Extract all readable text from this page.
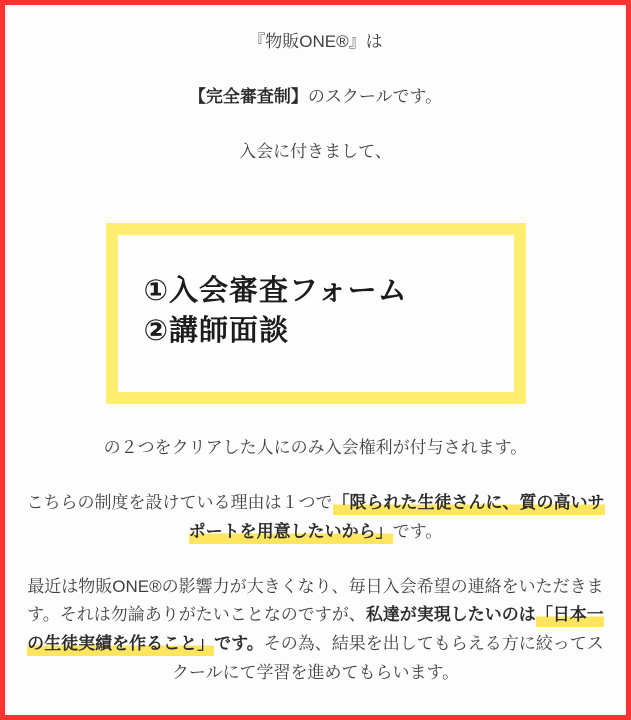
『物販ONE®』は

【完全審査制】のスクールです。

入会に付きまして、

①入会審査フォーム
②講師面談

の２つをクリアした人にのみ入会権利が付与されます。

こちらの制度を設けている理由は１つで「限られた生徒さんに、質の高いサポートを用意したいから」です。

最近は物販ONE®の影響力が大きくなり、毎日入会希望の連絡をいただきます。それは勿論ありがたいことなのですが、私達が実現したいのは「日本一の生徒実績を作ること」です。その為、結果を出してもらえる方に絞ってスクールにて学習を進めてもらいます。
